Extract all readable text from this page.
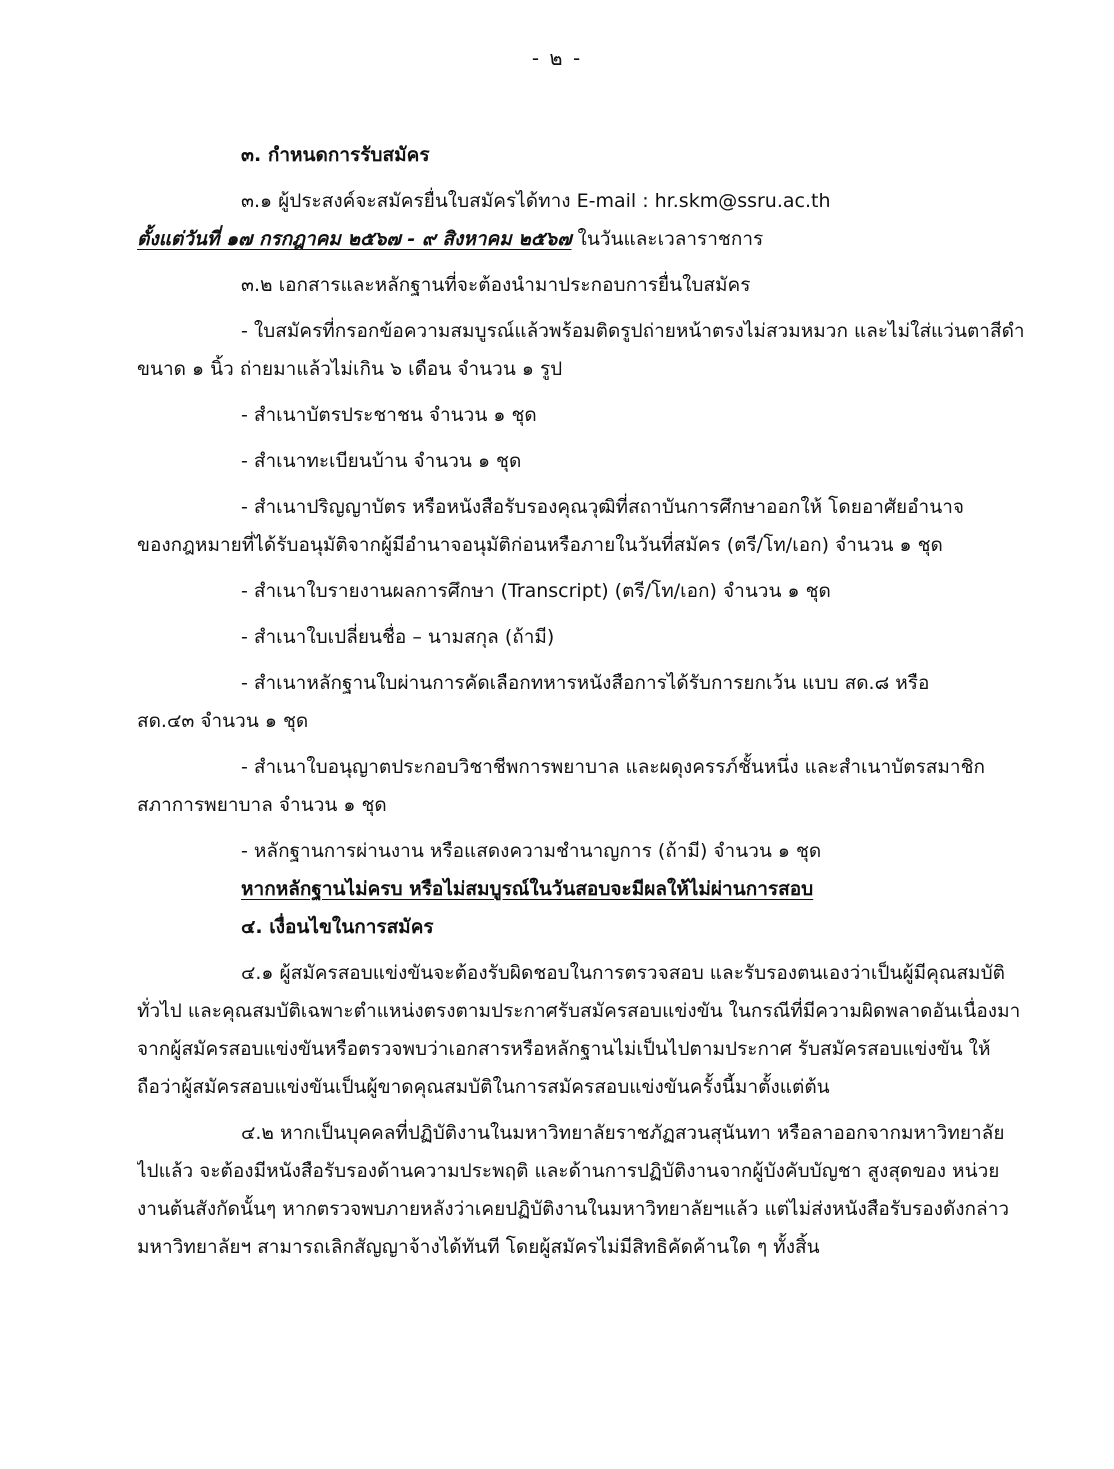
- ๒ -
๓. กำหนดการรับสมัคร
๓.๑ ผู้ประสงค์จะสมัครยื่นใบสมัครได้ทาง E-mail : hr.skm@ssru.ac.th
ตั้งแต่วันที่ ๑๗ กรกฎาคม ๒๕๖๗ - ๙ สิงหาคม ๒๕๖๗ ในวันและเวลาราชการ
๓.๒ เอกสารและหลักฐานที่จะต้องนำมาประกอบการยื่นใบสมัคร
- ใบสมัครที่กรอกข้อความสมบูรณ์แล้วพร้อมติดรูปถ่ายหน้าตรงไม่สวมหมวก และไม่ใส่แว่นตาสีดำ
ขนาด ๑ นิ้ว ถ่ายมาแล้วไม่เกิน ๖ เดือน จำนวน ๑ รูป
- สำเนาบัตรประชาชน จำนวน ๑ ชุด
- สำเนาทะเบียนบ้าน จำนวน ๑ ชุด
- สำเนาปริญญาบัตร หรือหนังสือรับรองคุณวุฒิที่สถาบันการศึกษาออกให้ โดยอาศัยอำนาจ
ของกฎหมายที่ได้รับอนุมัติจากผู้มีอำนาจอนุมัติก่อนหรือภายในวันที่สมัคร (ตรี/โท/เอก) จำนวน ๑ ชุด
- สำเนาใบรายงานผลการศึกษา (Transcript) (ตรี/โท/เอก) จำนวน ๑ ชุด
- สำเนาใบเปลี่ยนชื่อ – นามสกุล (ถ้ามี)
- สำเนาหลักฐานใบผ่านการคัดเลือกทหารหนังสือการได้รับการยกเว้น แบบ สด.๘ หรือ
สด.๔๓ จำนวน ๑ ชุด
- สำเนาใบอนุญาตประกอบวิชาชีพการพยาบาล และผดุงครรภ์ชั้นหนึ่ง และสำเนาบัตรสมาชิก
สภาการพยาบาล จำนวน ๑ ชุด
- หลักฐานการผ่านงาน หรือแสดงความชำนาญการ (ถ้ามี) จำนวน ๑ ชุด
หากหลักฐานไม่ครบ หรือไม่สมบูรณ์ในวันสอบจะมีผลให้ไม่ผ่านการสอบ
๔. เงื่อนไขในการสมัคร
๔.๑ ผู้สมัครสอบแข่งขันจะต้องรับผิดชอบในการตรวจสอบ และรับรองตนเองว่าเป็นผู้มีคุณสมบัติ
ทั่วไป และคุณสมบัติเฉพาะตำแหน่งตรงตามประกาศรับสมัครสอบแข่งขัน ในกรณีที่มีความผิดพลาดอันเนื่องมา
จากผู้สมัครสอบแข่งขันหรือตรวจพบว่าเอกสารหรือหลักฐานไม่เป็นไปตามประกาศ รับสมัครสอบแข่งขัน ให้
ถือว่าผู้สมัครสอบแข่งขันเป็นผู้ขาดคุณสมบัติในการสมัครสอบแข่งขันครั้งนี้มาตั้งแต่ต้น
๔.๒ หากเป็นบุคคลที่ปฏิบัติงานในมหาวิทยาลัยราชภัฏสวนสุนันทา หรือลาออกจากมหาวิทยาลัย
ไปแล้ว จะต้องมีหนังสือรับรองด้านความประพฤติ และด้านการปฏิบัติงานจากผู้บังคับบัญชา สูงสุดของ หน่วย
งานต้นสังกัดนั้นๆ หากตรวจพบภายหลังว่าเคยปฏิบัติงานในมหาวิทยาลัยฯแล้ว แต่ไม่ส่งหนังสือรับรองดังกล่าว
มหาวิทยาลัยฯ สามารถเลิกสัญญาจ้างได้ทันที โดยผู้สมัครไม่มีสิทธิคัดค้านใด ๆ ทั้งสิ้น
